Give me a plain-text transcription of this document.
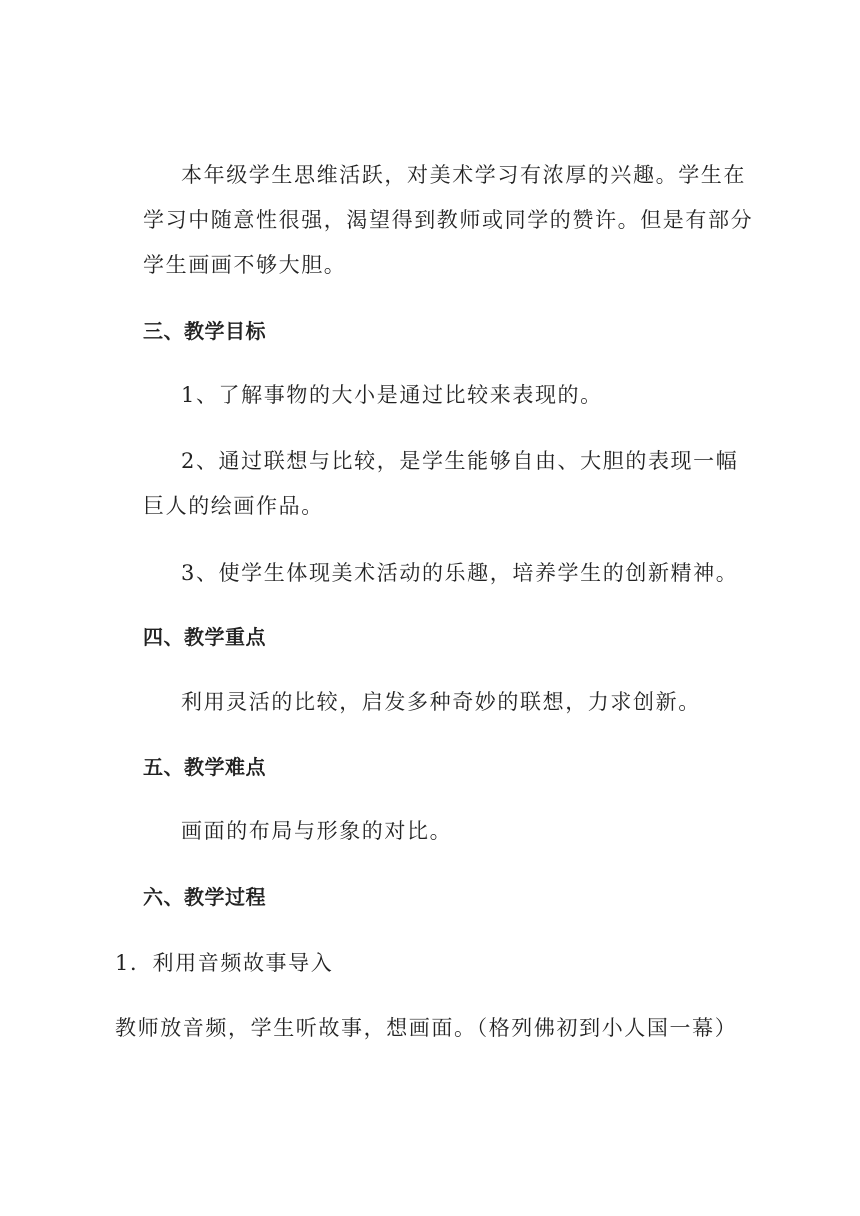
本年级学生思维活跃，对美术学习有浓厚的兴趣。学生在
学习中随意性很强，渴望得到教师或同学的赞许。但是有部分
学生画画不够大胆。
三、教学目标
1、了解事物的大小是通过比较来表现的。
2、通过联想与比较，是学生能够自由、大胆的表现一幅
巨人的绘画作品。
3、使学生体现美术活动的乐趣，培养学生的创新精神。
四、教学重点
利用灵活的比较，启发多种奇妙的联想，力求创新。
五、教学难点
画面的布局与形象的对比。
六、教学过程
1．利用音频故事导入
教师放音频，学生听故事，想画面。（格列佛初到小人国一幕）
